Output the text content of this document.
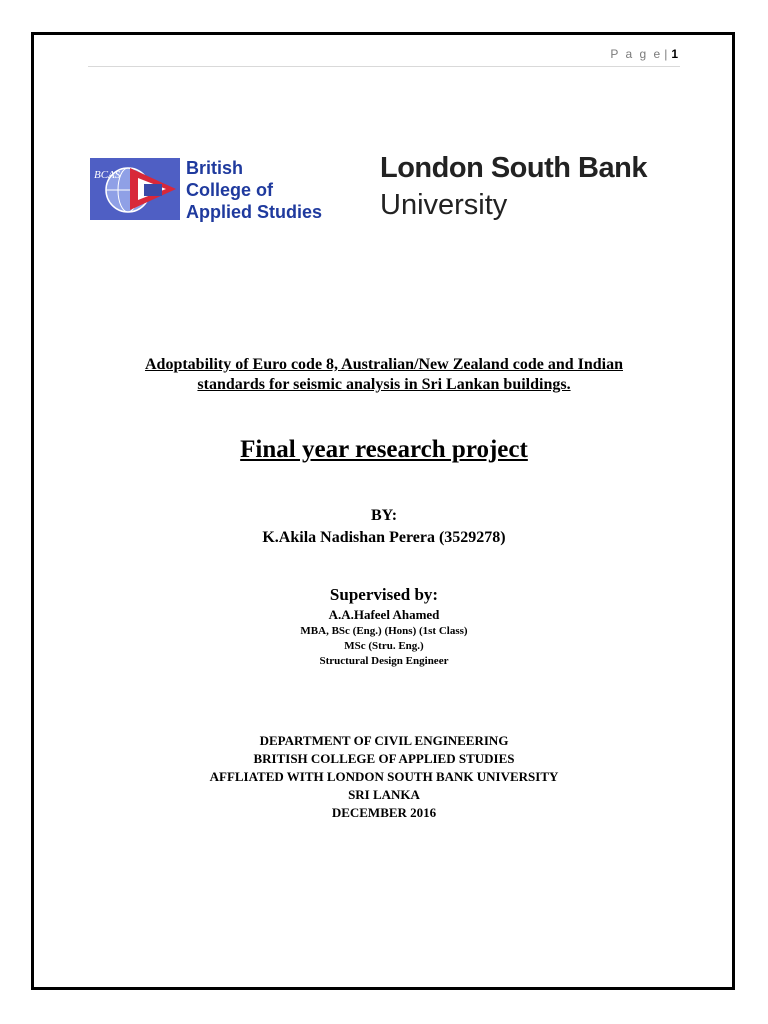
P a g e | 1
BCAS	British
College of
Applied Studies
London South Bank
University
Adoptability of Euro code 8, Australian/New Zealand code and Indian
standards for seismic analysis in Sri Lankan buildings.
Final year research project
BY:
K.Akila Nadishan Perera (3529278)
Supervised by:
A.A.Hafeel Ahamed
MBA, BSc (Eng.) (Hons) (1st Class)
MSc (Stru. Eng.)
Structural Design Engineer
DEPARTMENT OF CIVIL ENGINEERING
BRITISH COLLEGE OF APPLIED STUDIES
AFFLIATED WITH LONDON SOUTH BANK UNIVERSITY
SRI LANKA
DECEMBER 2016
